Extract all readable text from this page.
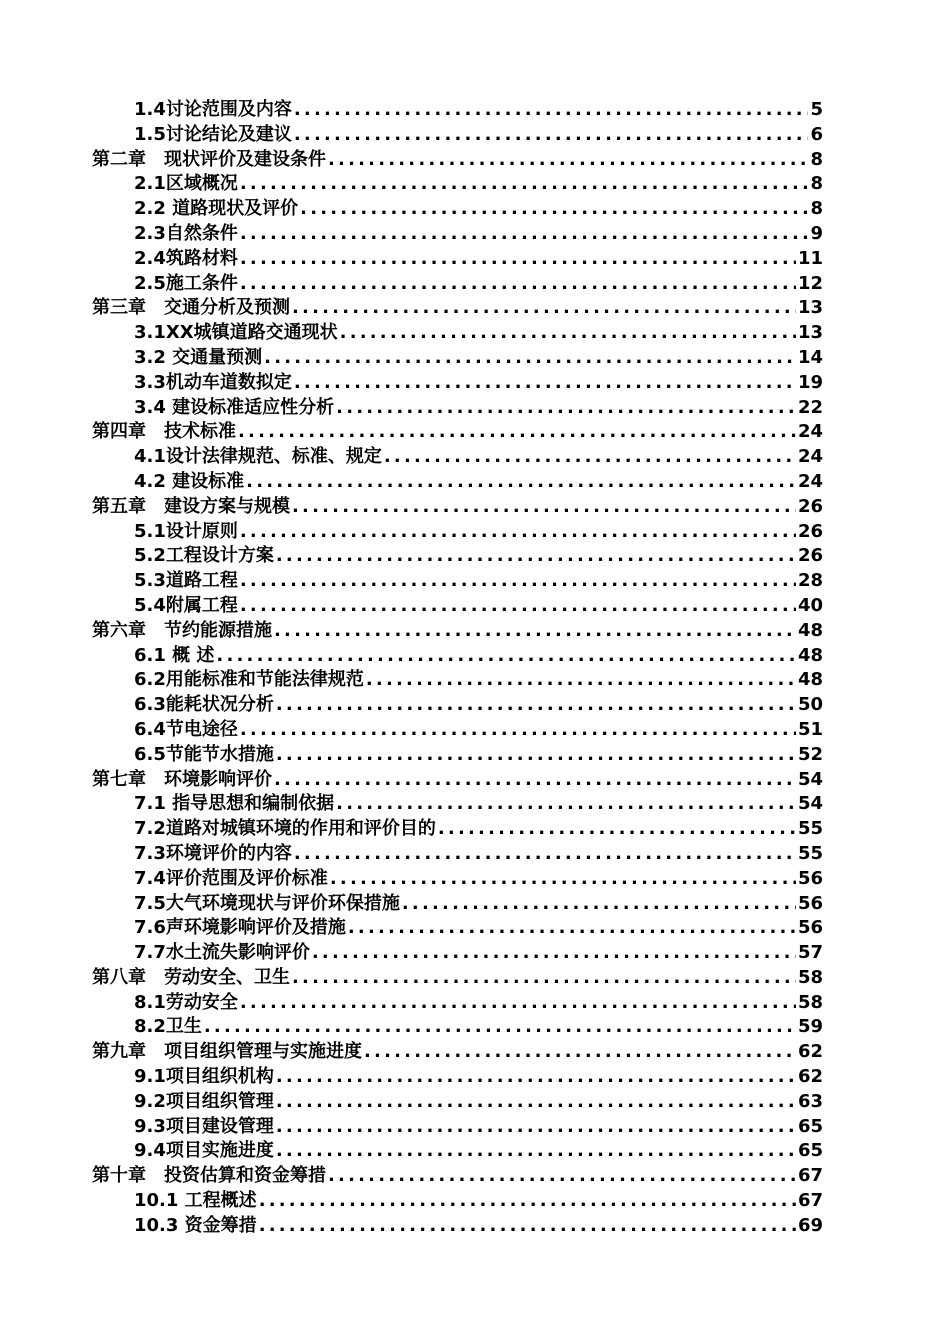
1.4讨论范围及内容 .....	5
1.5讨论结论及建议 .....	6
第二章　现状评价及建设条件 .....	8
2.1区域概况 .....	8
2.2 道路现状及评价 .....	8
2.3自然条件 .....	9
2.4筑路材料 .....	11
2.5施工条件 .....	12
第三章　交通分析及预测 .....	13
3.1XX城镇道路交通现状 .....	13
3.2 交通量预测 .....	14
3.3机动车道数拟定 .....	19
3.4 建设标准适应性分析 .....	22
第四章　技术标准 .....	24
4.1设计法律规范、标准、规定 .....	24
4.2 建设标准 .....	24
第五章　建设方案与规模 .....	26
5.1设计原则 .....	26
5.2工程设计方案 .....	26
5.3道路工程 .....	28
5.4附属工程 .....	40
第六章　节约能源措施 .....	48
6.1 概 述 .....	48
6.2用能标准和节能法律规范 .....	48
6.3能耗状况分析 .....	50
6.4节电途径 .....	51
6.5节能节水措施 .....	52
第七章　环境影响评价 .....	54
7.1 指导思想和编制依据 .....	54
7.2道路对城镇环境的作用和评价目的 .....	55
7.3环境评价的内容 .....	55
7.4评价范围及评价标准 .....	56
7.5大气环境现状与评价环保措施 .....	56
7.6声环境影响评价及措施 .....	56
7.7水土流失影响评价 .....	57
第八章　劳动安全、卫生 .....	58
8.1劳动安全 .....	58
8.2卫生 .....	59
第九章　项目组织管理与实施进度 .....	62
9.1项目组织机构 .....	62
9.2项目组织管理 .....	63
9.3项目建设管理 .....	65
9.4项目实施进度 .....	65
第十章　投资估算和资金筹措 .....	67
10.1 工程概述 .....	67
10.3 资金筹措 .....	69
